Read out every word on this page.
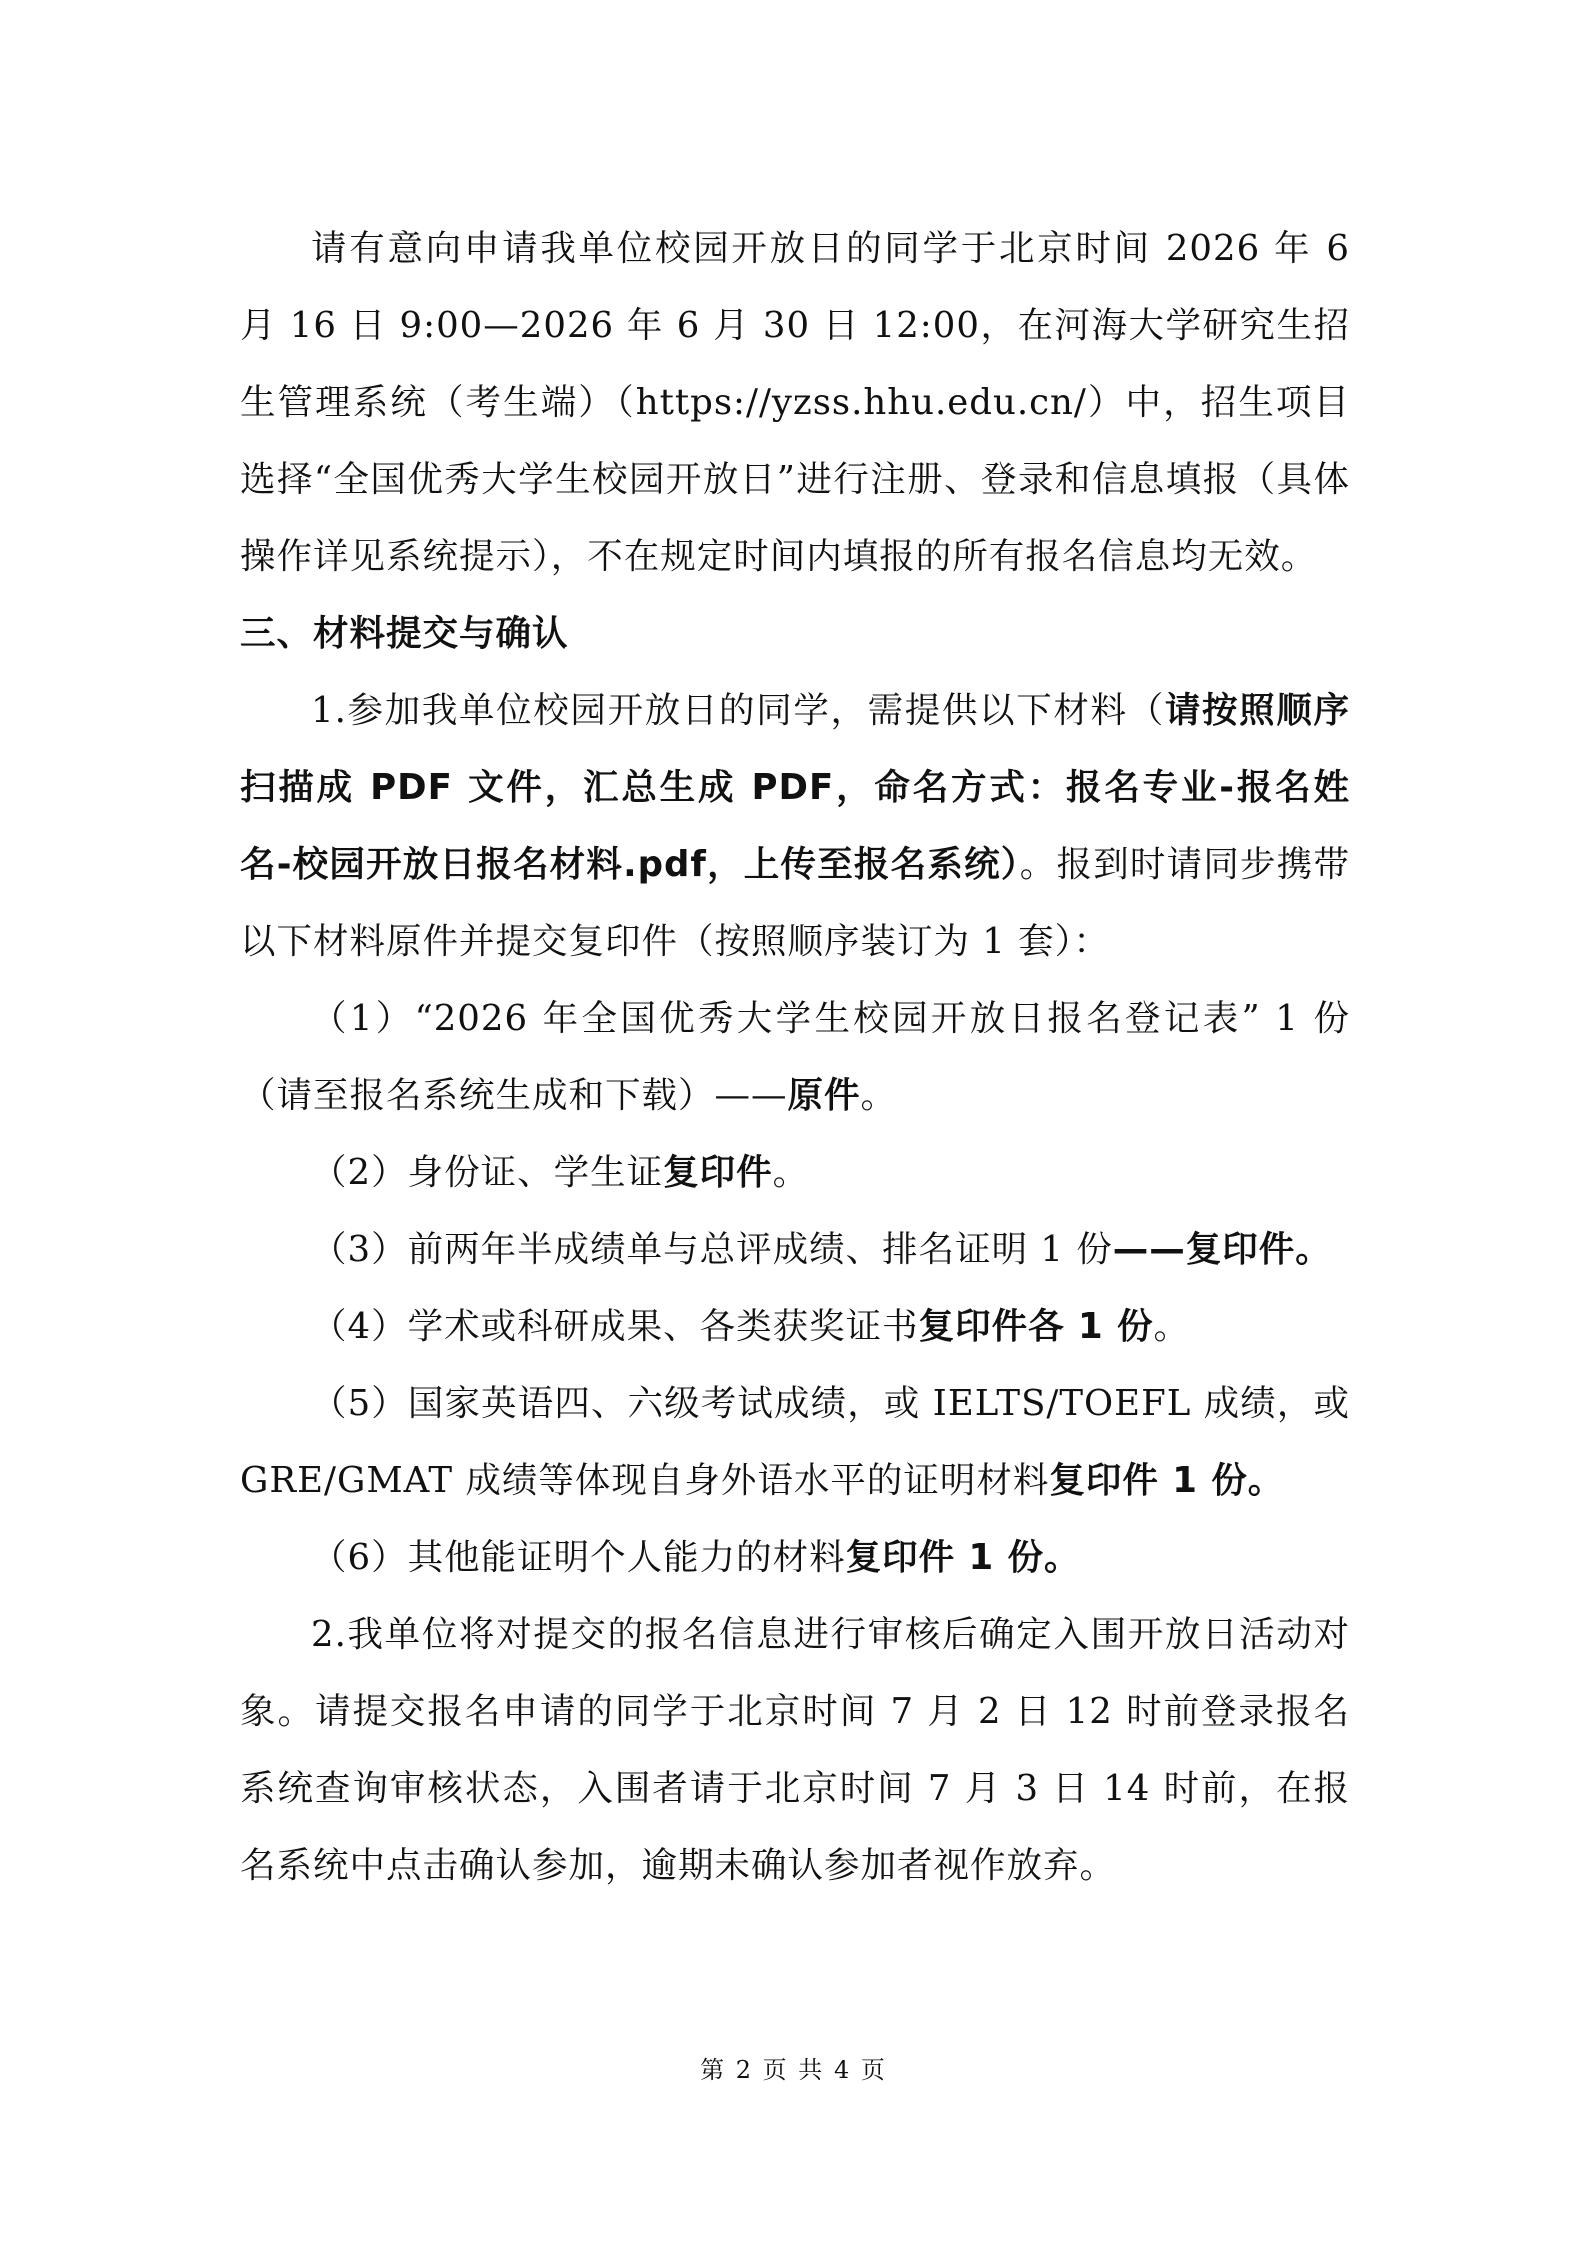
请有意向申请我单位校园开放日的同学于北京时间 2026 年 6 月 16 日 9:00—2026 年 6 月 30 日 12:00，在河海大学研究生招生管理系统（考生端）（https://yzss.hhu.edu.cn/）中，招生项目选择“全国优秀大学生校园开放日”进行注册、登录和信息填报（具体操作详见系统提示），不在规定时间内填报的所有报名信息均无效。

三、材料提交与确认

1.参加我单位校园开放日的同学，需提供以下材料（请按照顺序扫描成 PDF 文件，汇总生成 PDF，命名方式：报名专业-报名姓名-校园开放日报名材料.pdf，上传至报名系统）。报到时请同步携带以下材料原件并提交复印件（按照顺序装订为 1 套）：

（1）“2026 年全国优秀大学生校园开放日报名登记表” 1 份（请至报名系统生成和下载）——原件。

（2）身份证、学生证复印件。

（3）前两年半成绩单与总评成绩、排名证明 1 份——复印件。

（4）学术或科研成果、各类获奖证书复印件各 1 份。

（5）国家英语四、六级考试成绩，或 IELTS/TOEFL 成绩，或 GRE/GMAT 成绩等体现自身外语水平的证明材料复印件 1 份。

（6）其他能证明个人能力的材料复印件 1 份。

2.我单位将对提交的报名信息进行审核后确定入围开放日活动对象。请提交报名申请的同学于北京时间 7 月 2 日 12 时前登录报名系统查询审核状态，入围者请于北京时间 7 月 3 日 14 时前，在报名系统中点击确认参加，逾期未确认参加者视作放弃。

第 2 页 共 4 页
